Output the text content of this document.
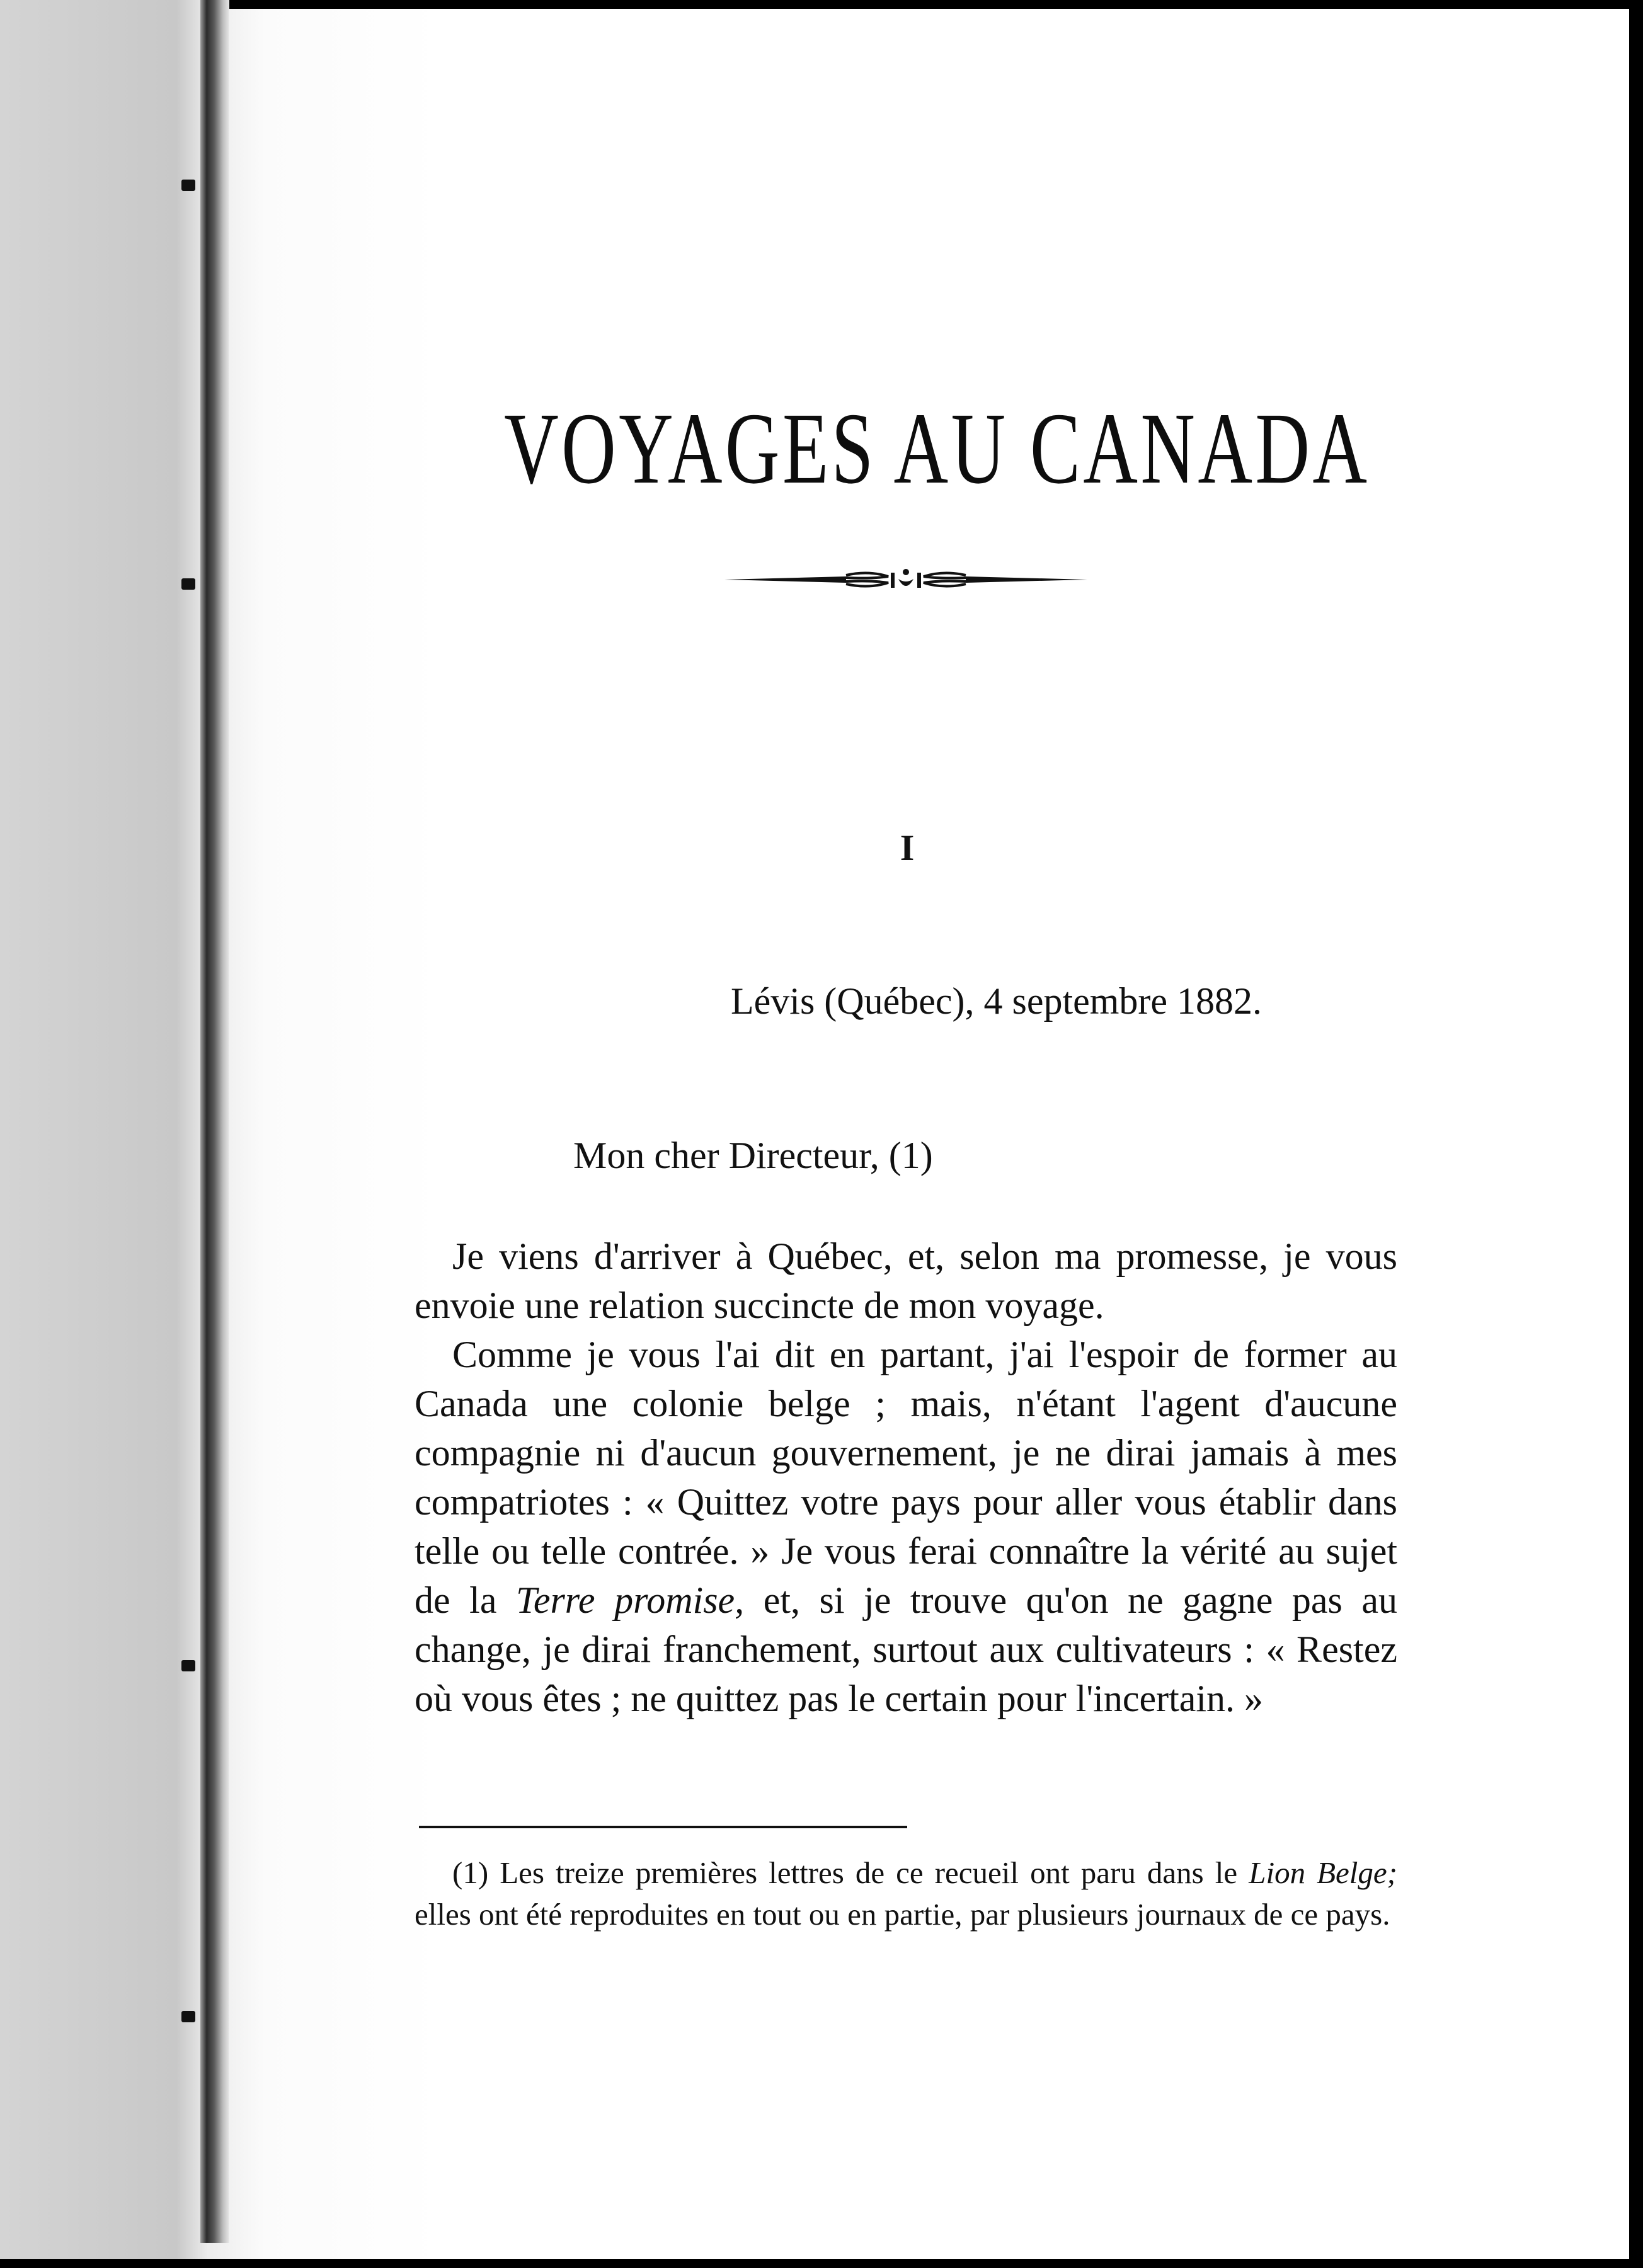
VOYAGES AU CANADA
I
Lévis (Québec), 4 septembre 1882.
Mon cher Directeur, (1)

Je viens d'arriver à Québec, et, selon ma promesse, je vous envoie une relation succincte de mon voyage.

Comme je vous l'ai dit en partant, j'ai l'espoir de former au Canada une colonie belge ; mais, n'étant l'agent d'aucune compagnie ni d'aucun gouvernement, je ne dirai jamais à mes compatriotes : « Quittez votre pays pour aller vous établir dans telle ou telle contrée. » Je vous ferai connaître la vérité au sujet de la Terre promise, et, si je trouve qu'on ne gagne pas au change, je dirai franchement, surtout aux cultivateurs : « Restez où vous êtes ; ne quittez pas le certain pour l'incertain. »

(1) Les treize premières lettres de ce recueil ont paru dans le Lion Belge; elles ont été reproduites en tout ou en partie, par plusieurs journaux de ce pays.
